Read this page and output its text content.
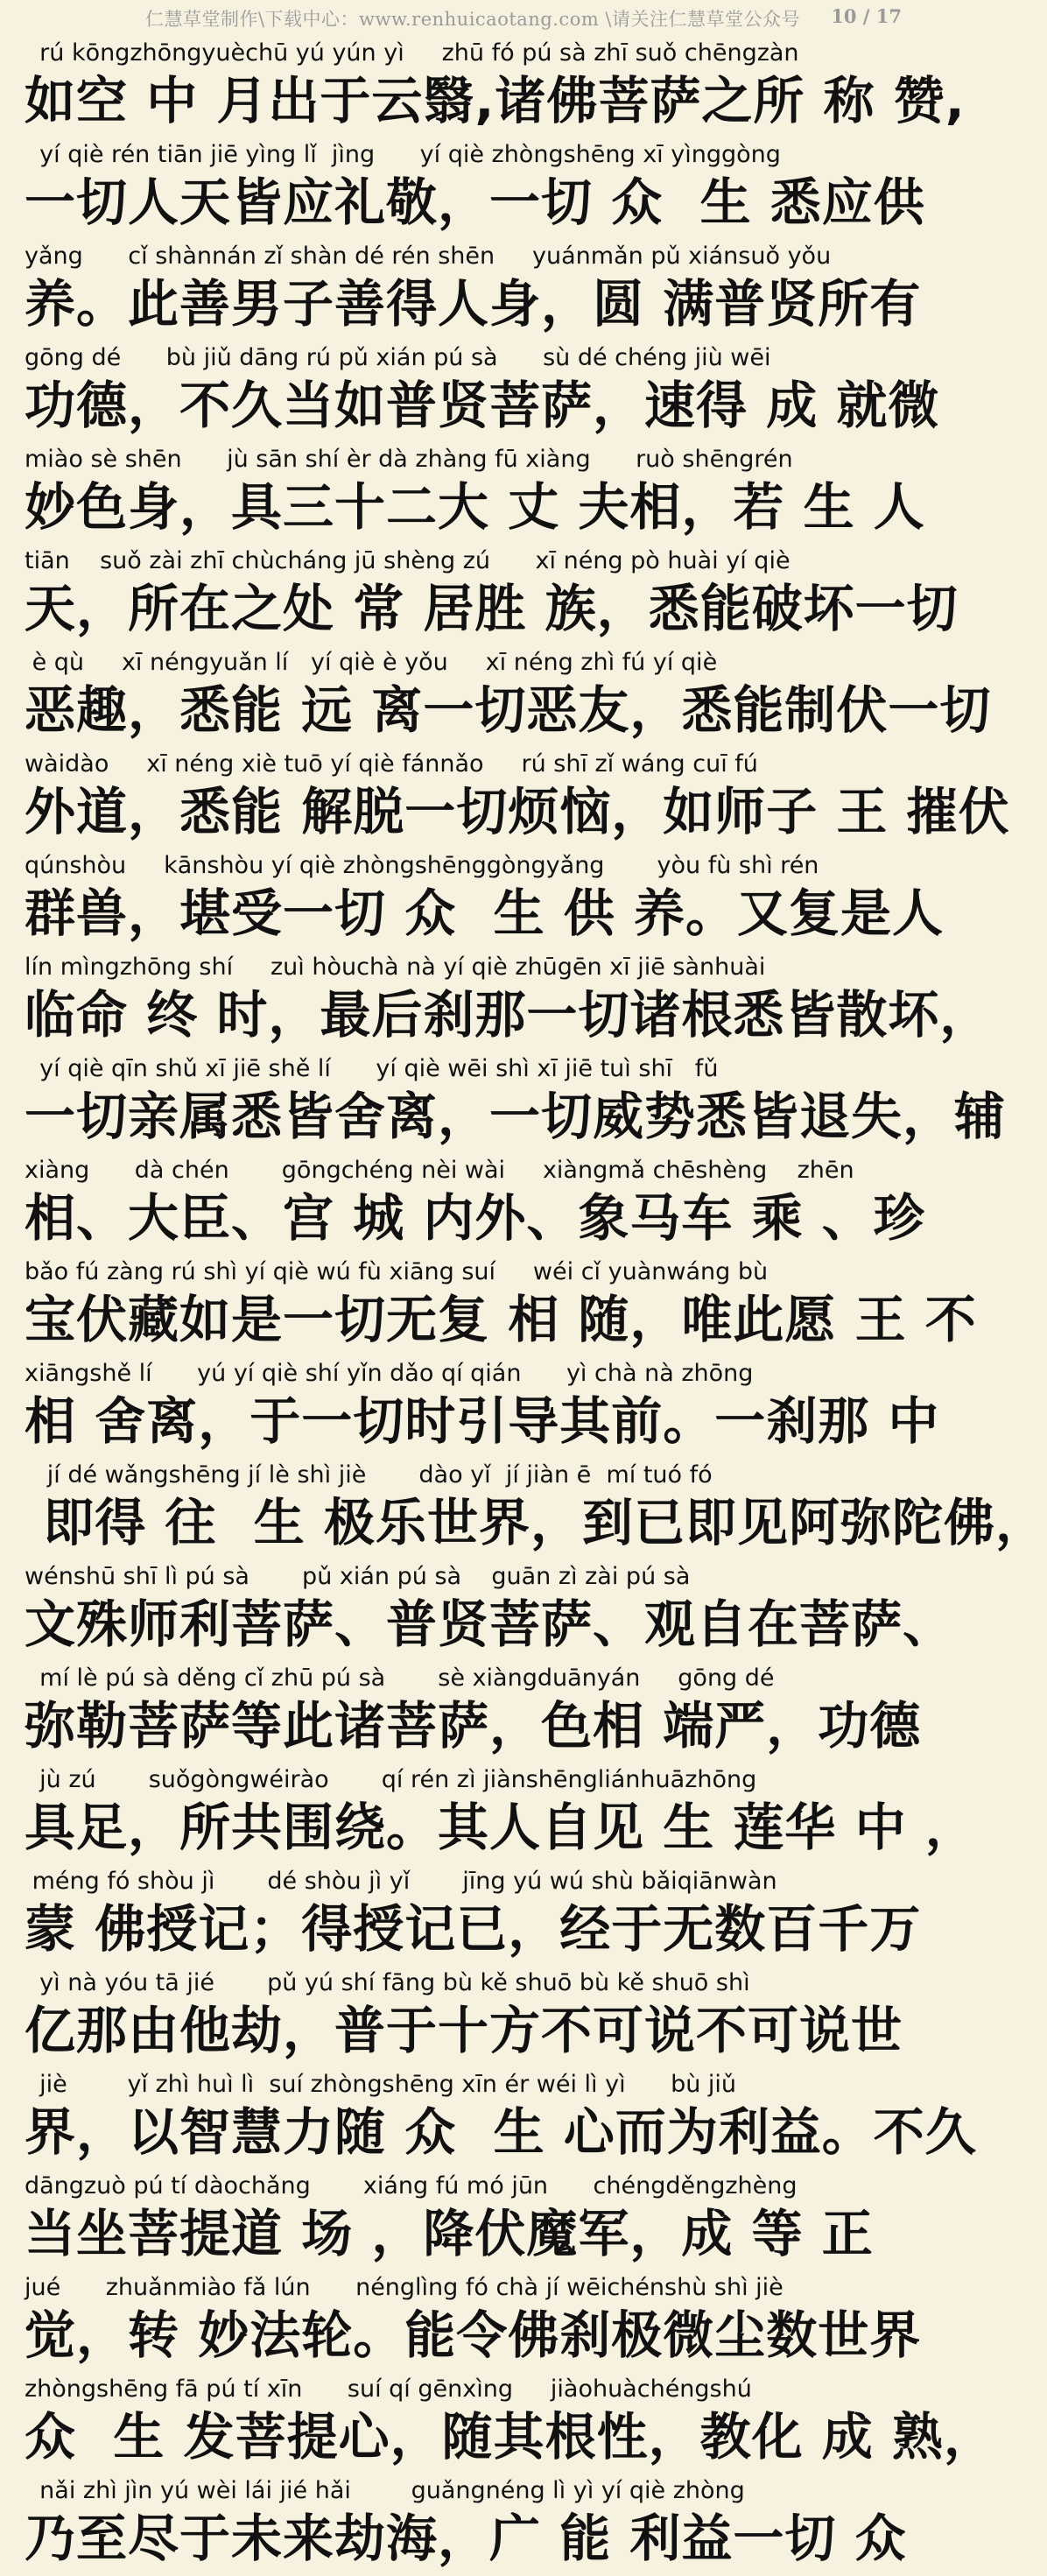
仁慧草堂制作\下载中心：www.renhuicaotang.com \请关注仁慧草堂公众号	10 / 17
rú kōngzhōngyuèchū yú yún yì     zhū fó pú sà zhī suǒ chēngzàn
如空 中 月出于云翳,诸佛菩萨之所 称 赞,
yí qiè rén tiān jiē yìng lǐ  jìng      yí qiè zhòngshēng xī yìnggòng
一切人天皆应礼敬，一切 众  生 悉应供
yǎng      cǐ shànnán zǐ shàn dé rén shēn     yuánmǎn pǔ xiánsuǒ yǒu
养。此善男子善得人身，圆 满普贤所有
gōng dé      bù jiǔ dāng rú pǔ xián pú sà      sù dé chéng jiù wēi
功德，不久当如普贤菩萨，速得 成 就微
miào sè shēn      jù sān shí èr dà zhàng fū xiàng      ruò shēngrén
妙色身，具三十二大 丈 夫相，若 生 人
tiān    suǒ zài zhī chùcháng jū shèng zú      xī néng pò huài yí qiè
天，所在之处 常 居胜 族，悉能破坏一切
è qù     xī néngyuǎn lí   yí qiè è yǒu     xī néng zhì fú yí qiè
恶趣，悉能 远 离一切恶友，悉能制伏一切
wàidào     xī néng xiè tuō yí qiè fánnǎo     rú shī zǐ wáng cuī fú
外道，悉能 解脱一切烦恼，如师子 王 摧伏
qúnshòu     kānshòu yí qiè zhòngshēnggòngyǎng       yòu fù shì rén
群兽，堪受一切 众  生 供 养。又复是人
lín mìngzhōng shí     zuì hòuchà nà yí qiè zhūgēn xī jiē sànhuài
临命 终 时，最后刹那一切诸根悉皆散坏，
yí qiè qīn shǔ xī jiē shě lí      yí qiè wēi shì xī jiē tuì shī   fǔ
一切亲属悉皆舍离，一切威势悉皆退失，辅
xiàng      dà chén       gōngchéng nèi wài     xiàngmǎ chēshèng    zhēn
相、大臣、宫 城 内外、象马车 乘 、珍
bǎo fú zàng rú shì yí qiè wú fù xiāng suí     wéi cǐ yuànwáng bù
宝伏藏如是一切无复 相 随，唯此愿 王 不
xiāngshě lí      yú yí qiè shí yǐn dǎo qí qián      yì chà nà zhōng
相 舍离，于一切时引导其前。一刹那 中
jí dé wǎngshēng jí lè shì jiè       dào yǐ  jí jiàn ē  mí tuó fó
即得 往  生 极乐世界，到已即见阿弥陀佛，
wénshū shī lì pú sà       pǔ xián pú sà    guān zì zài pú sà
文殊师利菩萨、普贤菩萨、观自在菩萨、
mí lè pú sà děng cǐ zhū pú sà       sè xiàngduānyán     gōng dé
弥勒菩萨等此诸菩萨，色相 端严，功德
jù zú       suǒgòngwéirào       qí rén zì jiànshēngliánhuāzhōng
具足，所共围绕。其人自见 生 莲华 中 ，
méng fó shòu jì       dé shòu jì yǐ       jīng yú wú shù bǎiqiānwàn
蒙 佛授记；得授记已，经于无数百千万
yì nà yóu tā jié       pǔ yú shí fāng bù kě shuō bù kě shuō shì
亿那由他劫，普于十方不可说不可说世
jiè        yǐ zhì huì lì  suí zhòngshēng xīn ér wéi lì yì      bù jiǔ
界，以智慧力随 众  生 心而为利益。不久
dāngzuò pú tí dàochǎng       xiáng fú mó jūn      chéngděngzhèng
当坐菩提道 场 ，降伏魔军，成 等 正
jué      zhuǎnmiào fǎ lún      nénglìng fó chà jí wēichénshù shì jiè
觉，转 妙法轮。能令佛刹极微尘数世界
zhòngshēng fā pú tí xīn      suí qí gēnxìng     jiàohuàchéngshú
众  生 发菩提心，随其根性，教化 成 熟，
nǎi zhì jìn yú wèi lái jié hǎi        guǎngnéng lì yì yí qiè zhòng
乃至尽于未来劫海，广 能 利益一切 众
